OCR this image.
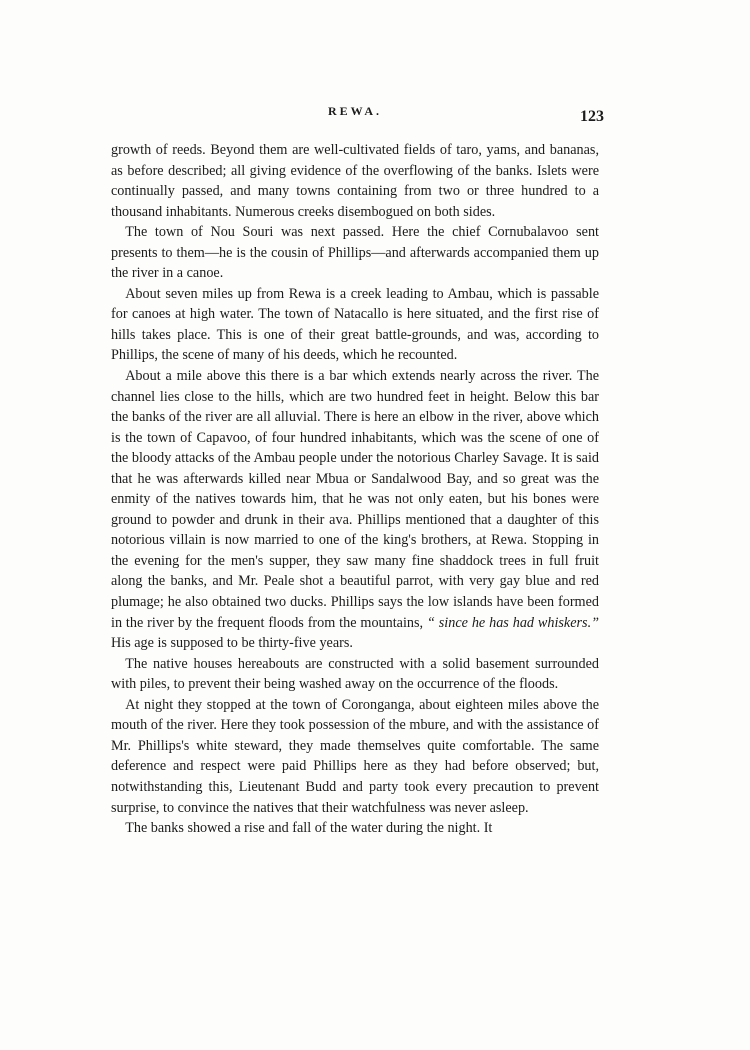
REWA.	123

growth of reeds. Beyond them are well-cultivated fields of taro, yams, and bananas, as before described; all giving evidence of the overflowing of the banks. Islets were continually passed, and many towns containing from two or three hundred to a thousand inhabitants. Numerous creeks disembogued on both sides.

The town of Nou Souri was next passed. Here the chief Cornubalavoo sent presents to them—he is the cousin of Phillips—and afterwards accompanied them up the river in a canoe.

About seven miles up from Rewa is a creek leading to Ambau, which is passable for canoes at high water. The town of Natacallo is here situated, and the first rise of hills takes place. This is one of their great battle-grounds, and was, according to Phillips, the scene of many of his deeds, which he recounted.

About a mile above this there is a bar which extends nearly across the river. The channel lies close to the hills, which are two hundred feet in height. Below this bar the banks of the river are all alluvial. There is here an elbow in the river, above which is the town of Capavoo, of four hundred inhabitants, which was the scene of one of the bloody attacks of the Ambau people under the notorious Charley Savage. It is said that he was afterwards killed near Mbua or Sandalwood Bay, and so great was the enmity of the natives towards him, that he was not only eaten, but his bones were ground to powder and drunk in their ava. Phillips mentioned that a daughter of this notorious villain is now married to one of the king's brothers, at Rewa. Stopping in the evening for the men's supper, they saw many fine shaddock trees in full fruit along the banks, and Mr. Peale shot a beautiful parrot, with very gay blue and red plumage; he also obtained two ducks. Phillips says the low islands have been formed in the river by the frequent floods from the mountains, “ since he has had whiskers.” His age is supposed to be thirty-five years.

The native houses hereabouts are constructed with a solid basement surrounded with piles, to prevent their being washed away on the occurrence of the floods.

At night they stopped at the town of Coronganga, about eighteen miles above the mouth of the river. Here they took possession of the mbure, and with the assistance of Mr. Phillips's white steward, they made themselves quite comfortable. The same deference and respect were paid Phillips here as they had before observed; but, notwithstanding this, Lieutenant Budd and party took every precaution to prevent surprise, to convince the natives that their watchfulness was never asleep.

The banks showed a rise and fall of the water during the night. It
